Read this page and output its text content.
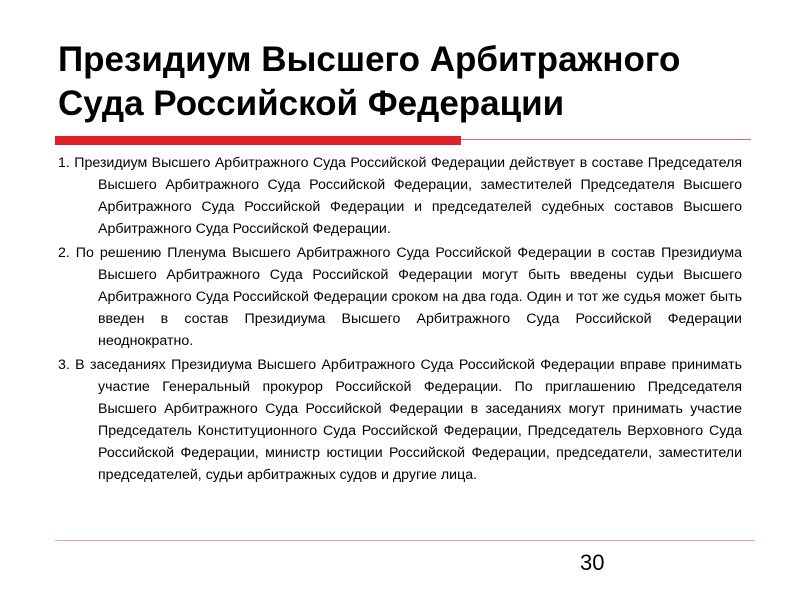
Президиум Высшего Арбитражного
Суда Российской Федерации

1. Президиум Высшего Арбитражного Суда Российской Федерации действует в составе Председателя Высшего Арбитражного Суда Российской Федерации, заместителей Председателя Высшего Арбитражного Суда Российской Федерации и председателей судебных составов Высшего Арбитражного Суда Российской Федерации.

2. По решению Пленума Высшего Арбитражного Суда Российской Федерации в состав Президиума Высшего Арбитражного Суда Российской Федерации могут быть введены судьи Высшего Арбитражного Суда Российской Федерации сроком на два года. Один и тот же судья может быть введен в состав Президиума Высшего Арбитражного Суда Российской Федерации неоднократно.

3. В заседаниях Президиума Высшего Арбитражного Суда Российской Федерации вправе принимать участие Генеральный прокурор Российской Федерации. По приглашению Председателя Высшего Арбитражного Суда Российской Федерации в заседаниях могут принимать участие Председатель Конституционного Суда Российской Федерации, Председатель Верховного Суда Российской Федерации, министр юстиции Российской Федерации, председатели, заместители председателей, судьи арбитражных судов и другие лица.

30
